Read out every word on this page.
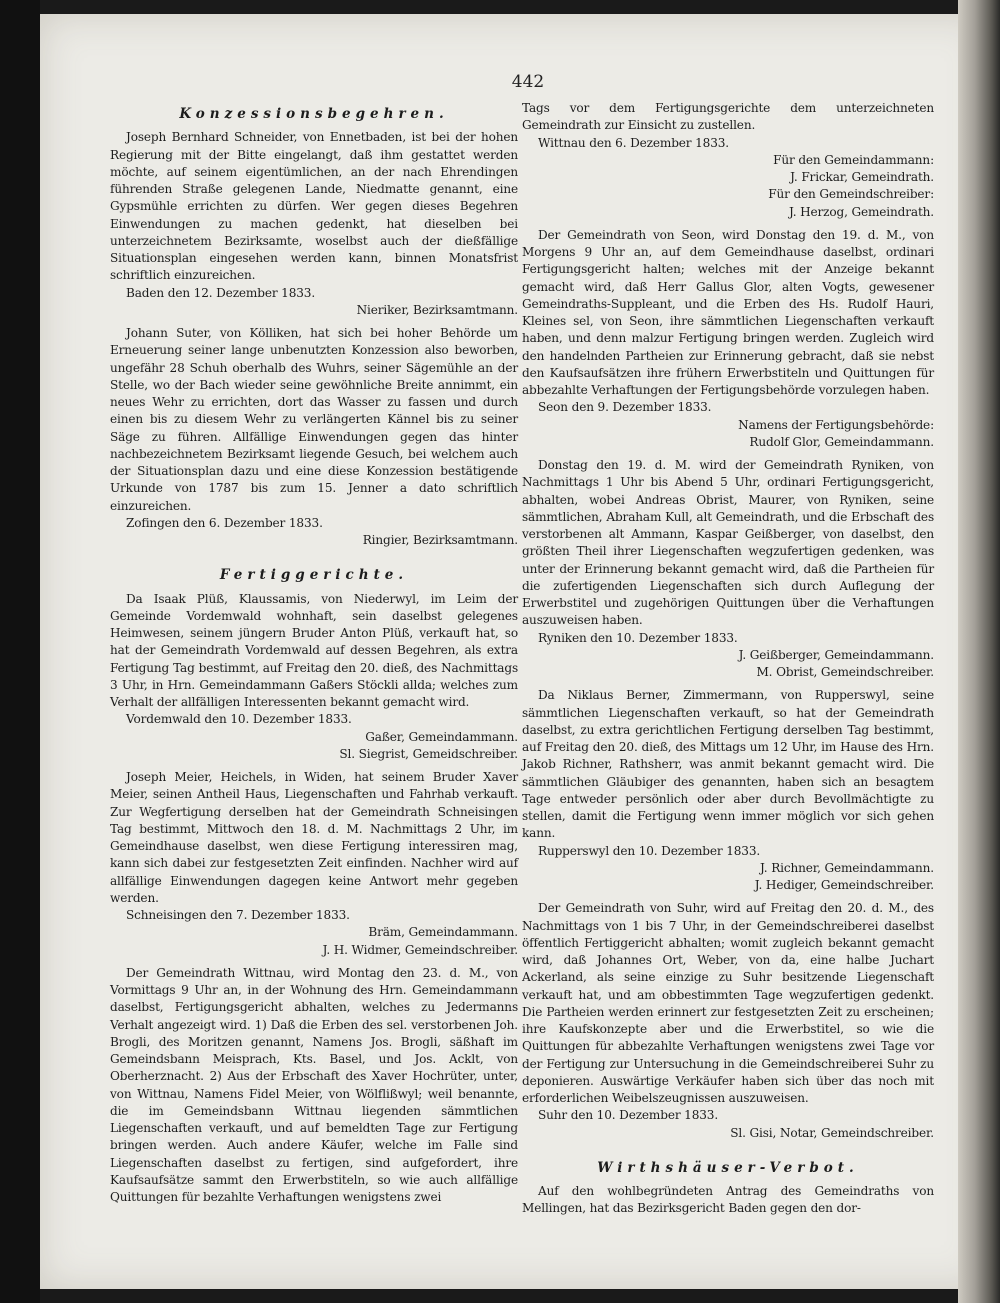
442
Konzessionsbegehren.

Joseph Bernhard Schneider, von Ennetbaden, ist bei der hohen Regierung mit der Bitte eingelangt, daß ihm gestattet werden möchte, auf seinem eigentümlichen, an der nach Ehrendingen führenden Straße gelegenen Lande, Niedmatte genannt, eine Gypsmühle errichten zu dürfen. Wer gegen dieses Begehren Einwendungen zu machen gedenkt, hat dieselben bei unterzeichnetem Bezirksamte, woselbst auch der dießfällige Situationsplan eingesehen werden kann, binnen Monatsfrist schriftlich einzureichen.

Baden den 12. Dezember 1833.

Nieriker, Bezirksamtmann.

Johann Suter, von Kölliken, hat sich bei hoher Behörde um Erneuerung seiner lange unbenutzten Konzession also beworben, ungefähr 28 Schuh oberhalb des Wuhrs, seiner Sägemühle an der Stelle, wo der Bach wieder seine gewöhnliche Breite annimmt, ein neues Wehr zu errichten, dort das Wasser zu fassen und durch einen bis zu diesem Wehr zu verlängerten Kännel bis zu seiner Säge zu führen. Allfällige Einwendungen gegen das hinter nachbezeichnetem Bezirksamt liegende Gesuch, bei welchem auch der Situationsplan dazu und eine diese Konzession bestätigende Urkunde von 1787 bis zum 15. Jenner a dato schriftlich einzureichen.

Zofingen den 6. Dezember 1833.

Ringier, Bezirksamtmann.

Fertiggerichte.

Da Isaak Plüß, Klaussamis, von Niederwyl, im Leim der Gemeinde Vordemwald wohnhaft, sein daselbst gelegenes Heimwesen, seinem jüngern Bruder Anton Plüß, verkauft hat, so hat der Gemeindrath Vordemwald auf dessen Begehren, als extra Fertigung Tag bestimmt, auf Freitag den 20. dieß, des Nachmittags 3 Uhr, in Hrn. Gemeindammann Gaßers Stöckli allda; welches zum Verhalt der allfälligen Interessenten bekannt gemacht wird.

Vordemwald den 10. Dezember 1833.

Gaßer, Gemeindammann.

Sl. Siegrist, Gemeidschreiber.

Joseph Meier, Heichels, in Widen, hat seinem Bruder Xaver Meier, seinen Antheil Haus, Liegenschaften und Fahrhab verkauft. Zur Wegfertigung derselben hat der Gemeindrath Schneisingen Tag bestimmt, Mittwoch den 18. d. M. Nachmittags 2 Uhr, im Gemeindhause daselbst, wen diese Fertigung interessiren mag, kann sich dabei zur festgesetzten Zeit einfinden. Nachher wird auf allfällige Einwendungen dagegen keine Antwort mehr gegeben werden.

Schneisingen den 7. Dezember 1833.

Bräm, Gemeindammann.

J. H. Widmer, Gemeindschreiber.

Der Gemeindrath Wittnau, wird Montag den 23. d. M., von Vormittags 9 Uhr an, in der Wohnung des Hrn. Gemeindammann daselbst, Fertigungsgericht abhalten, welches zu Jedermanns Verhalt angezeigt wird. 1) Daß die Erben des sel. verstorbenen Joh. Brogli, des Moritzen genannt, Namens Jos. Brogli, säßhaft im Gemeindsbann Meisprach, Kts. Basel, und Jos. Acklt, von Oberherznacht. 2) Aus der Erbschaft des Xaver Hochrüter, unter, von Wittnau, Namens Fidel Meier, von Wölflißwyl; weil benannte, die im Gemeindsbann Wittnau liegenden sämmtlichen Liegenschaften verkauft, und auf bemeldten Tage zur Fertigung bringen werden. Auch andere Käufer, welche im Falle sind Liegenschaften daselbst zu fertigen, sind aufgefordert, ihre Kaufsaufsätze sammt den Erwerbstiteln, so wie auch allfällige Quittungen für bezahlte Verhaftungen wenigstens zwei

Tags vor dem Fertigungsgerichte dem unterzeichneten Gemeindrath zur Einsicht zu zustellen.

Wittnau den 6. Dezember 1833.

Für den Gemeindammann:

J. Frickar, Gemeindrath.

Für den Gemeindschreiber:

J. Herzog, Gemeindrath.

Der Gemeindrath von Seon, wird Donstag den 19. d. M., von Morgens 9 Uhr an, auf dem Gemeindhause daselbst, ordinari Fertigungsgericht halten; welches mit der Anzeige bekannt gemacht wird, daß Herr Gallus Glor, alten Vogts, gewesener Gemeindraths-Suppleant, und die Erben des Hs. Rudolf Hauri, Kleines sel, von Seon, ihre sämmtlichen Liegenschaften verkauft haben, und denn malzur Fertigung bringen werden. Zugleich wird den handelnden Partheien zur Erinnerung gebracht, daß sie nebst den Kaufsaufsätzen ihre frühern Erwerbstiteln und Quittungen für abbezahlte Verhaftungen der Fertigungsbehörde vorzulegen haben.

Seon den 9. Dezember 1833.

Namens der Fertigungsbehörde:

Rudolf Glor, Gemeindammann.

Donstag den 19. d. M. wird der Gemeindrath Ryniken, von Nachmittags 1 Uhr bis Abend 5 Uhr, ordinari Fertigungsgericht, abhalten, wobei Andreas Obrist, Maurer, von Ryniken, seine sämmtlichen, Abraham Kull, alt Gemeindrath, und die Erbschaft des verstorbenen alt Ammann, Kaspar Geißberger, von daselbst, den größten Theil ihrer Liegenschaften wegzufertigen gedenken, was unter der Erinnerung bekannt gemacht wird, daß die Partheien für die zufertigenden Liegenschaften sich durch Auflegung der Erwerbstitel und zugehörigen Quittungen über die Verhaftungen auszuweisen haben.

Ryniken den 10. Dezember 1833.

J. Geißberger, Gemeindammann.

M. Obrist, Gemeindschreiber.

Da Niklaus Berner, Zimmermann, von Rupperswyl, seine sämmtlichen Liegenschaften verkauft, so hat der Gemeindrath daselbst, zu extra gerichtlichen Fertigung derselben Tag bestimmt, auf Freitag den 20. dieß, des Mittags um 12 Uhr, im Hause des Hrn. Jakob Richner, Rathsherr, was anmit bekannt gemacht wird. Die sämmtlichen Gläubiger des genannten, haben sich an besagtem Tage entweder persönlich oder aber durch Bevollmächtigte zu stellen, damit die Fertigung wenn immer möglich vor sich gehen kann.

Rupperswyl den 10. Dezember 1833.

J. Richner, Gemeindammann.

J. Hediger, Gemeindschreiber.

Der Gemeindrath von Suhr, wird auf Freitag den 20. d. M., des Nachmittags von 1 bis 7 Uhr, in der Gemeindschreiberei daselbst öffentlich Fertiggericht abhalten; womit zugleich bekannt gemacht wird, daß Johannes Ort, Weber, von da, eine halbe Juchart Ackerland, als seine einzige zu Suhr besitzende Liegenschaft verkauft hat, und am obbestimmten Tage wegzufertigen gedenkt. Die Partheien werden erinnert zur festgesetzten Zeit zu erscheinen; ihre Kaufskonzepte aber und die Erwerbstitel, so wie die Quittungen für abbezahlte Verhaftungen wenigstens zwei Tage vor der Fertigung zur Untersuchung in die Gemeindschreiberei Suhr zu deponieren. Auswärtige Verkäufer haben sich über das noch mit erforderlichen Weibelszeugnissen auszuweisen.

Suhr den 10. Dezember 1833.

Sl. Gisi, Notar, Gemeindschreiber.

Wirthshäuser-Verbot.

Auf den wohlbegründeten Antrag des Gemeindraths von Mellingen, hat das Bezirksgericht Baden gegen den dor-
